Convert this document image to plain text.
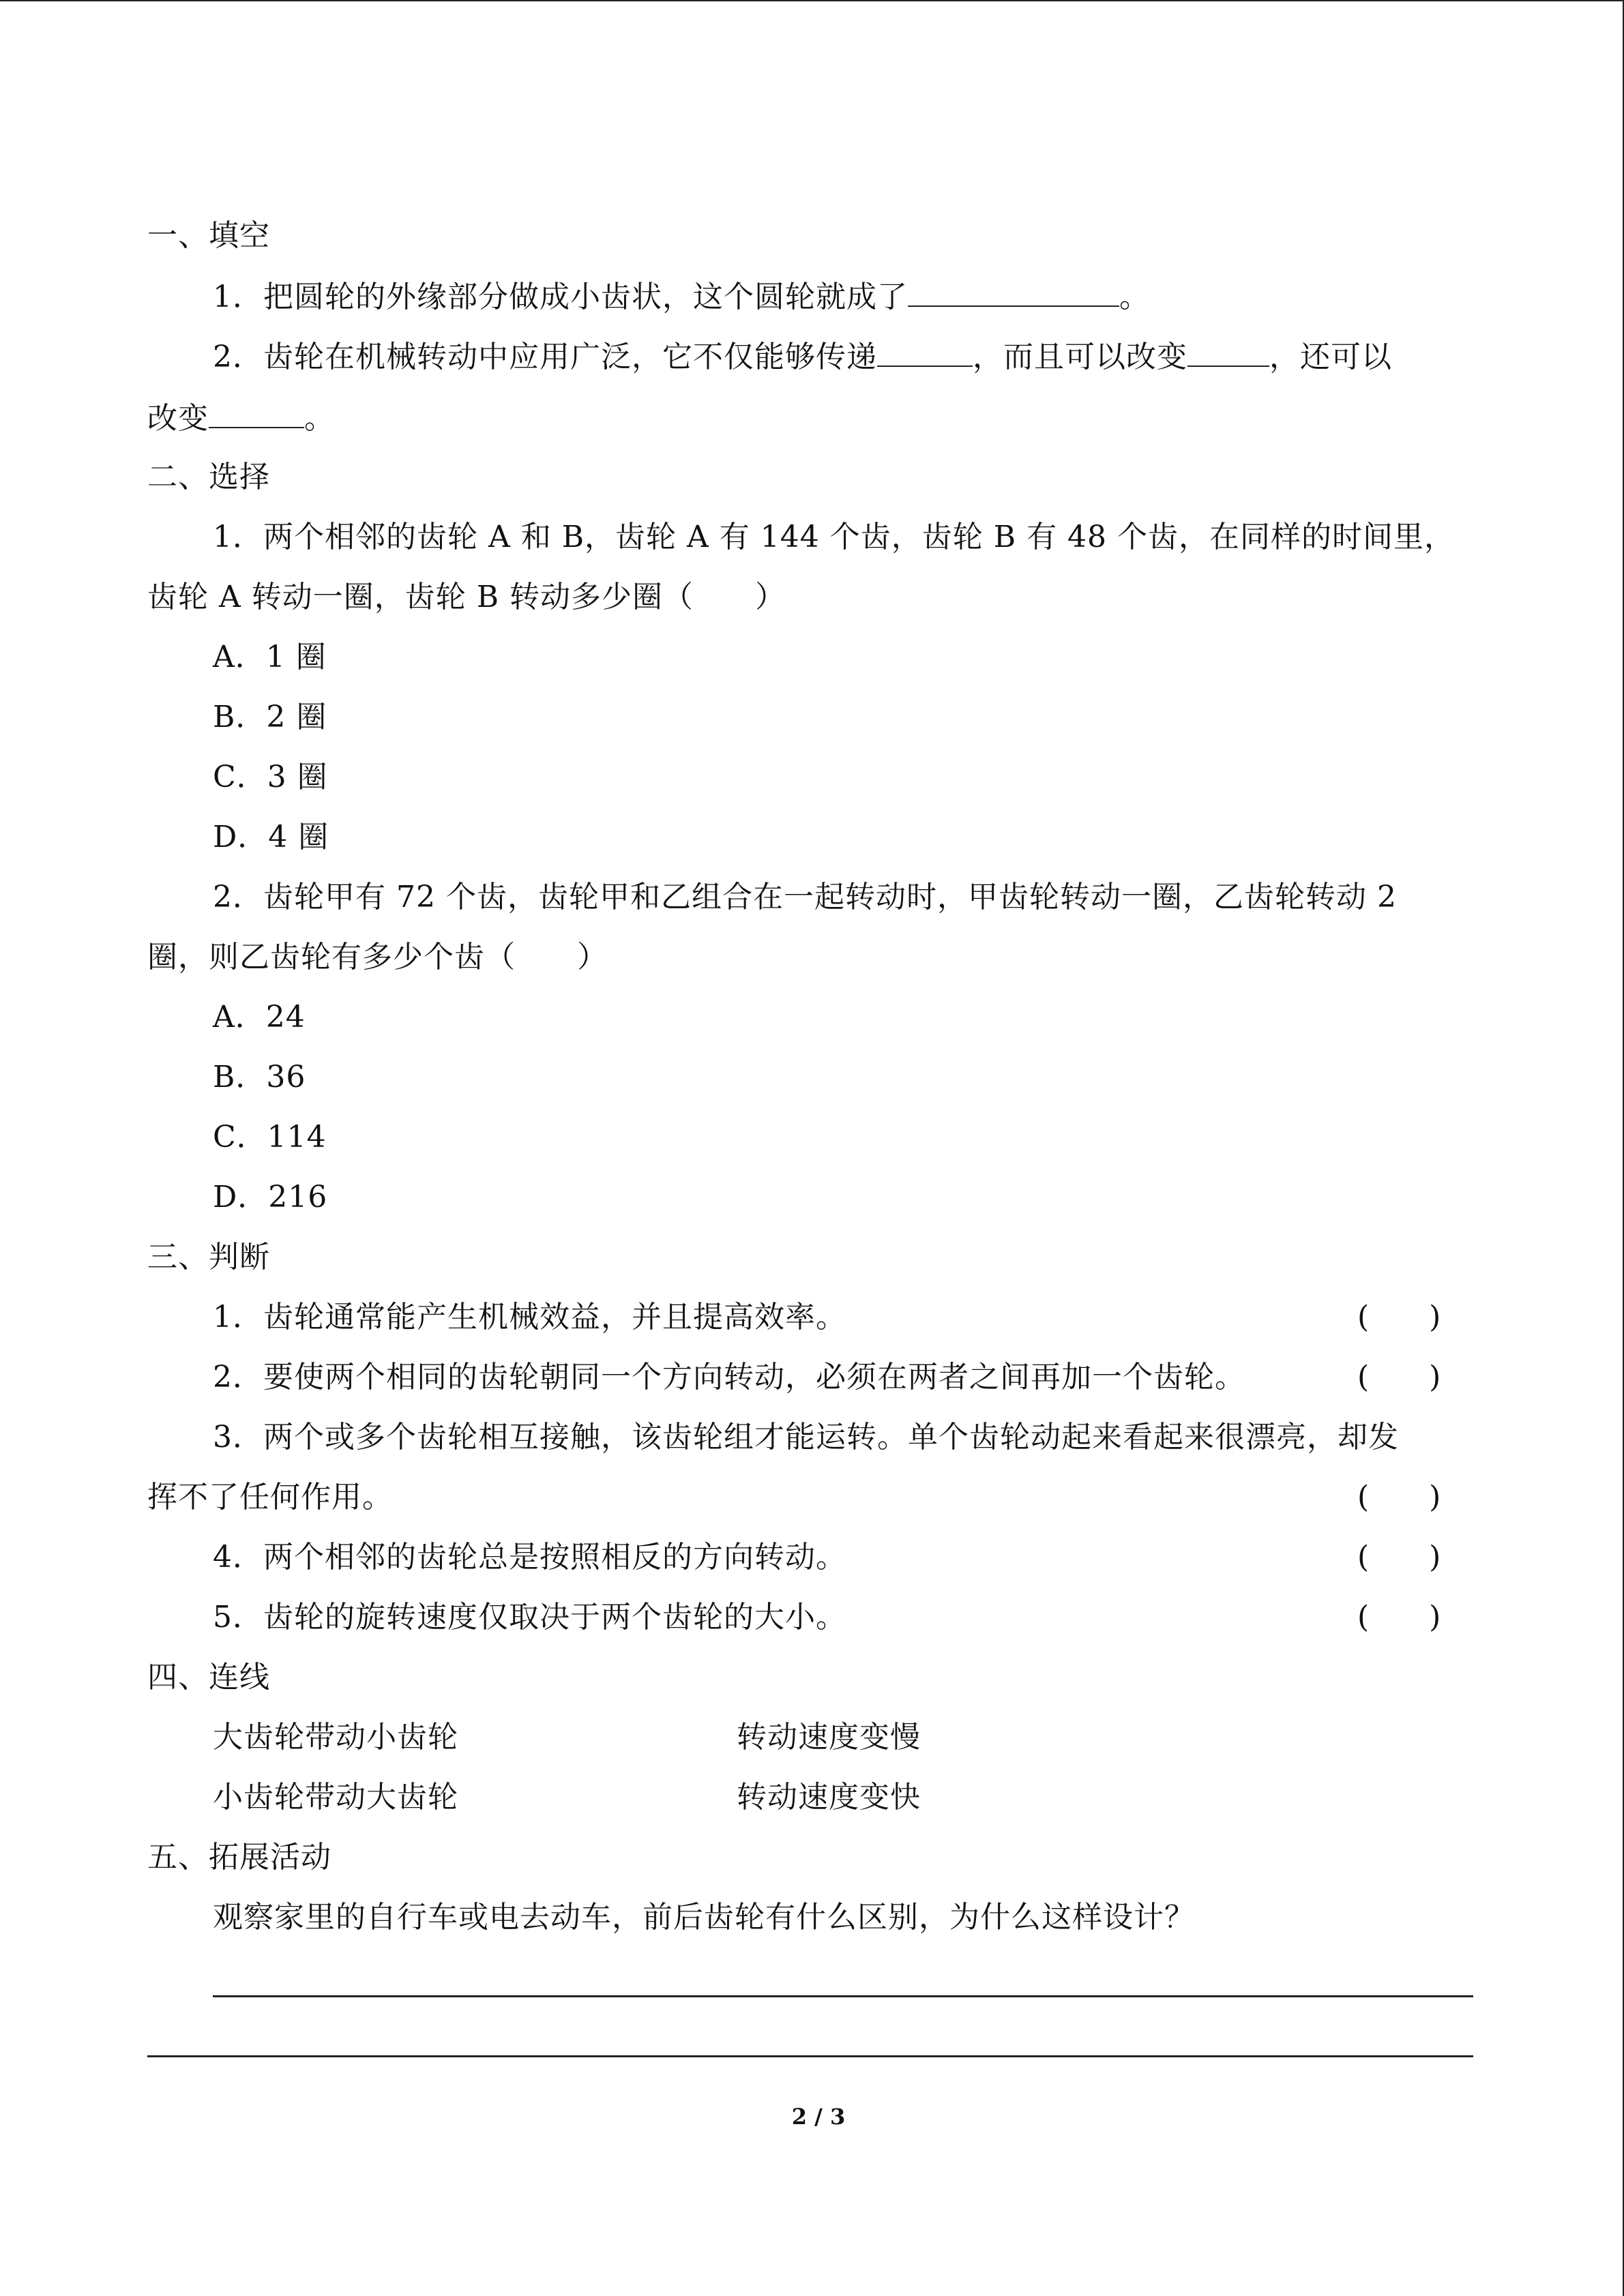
一、填空
1．把圆轮的外缘部分做成小齿状，这个圆轮就成了	。
2．齿轮在机械转动中应用广泛，它不仅能够传递	，而且可以改变	，还可以
改变	。
二、选择
1．两个相邻的齿轮 A 和 B，齿轮 A 有 144 个齿，齿轮 B 有 48 个齿，在同样的时间里，
齿轮 A 转动一圈，齿轮 B 转动多少圈（　　）
A．1 圈
B．2 圈
C．3 圈
D．4 圈
2．齿轮甲有 72 个齿，齿轮甲和乙组合在一起转动时，甲齿轮转动一圈，乙齿轮转动 2
圈，则乙齿轮有多少个齿（　　）
A．24
B．36
C．114
D．216
三、判断
1．齿轮通常能产生机械效益，并且提高效率。	(　　)
2．要使两个相同的齿轮朝同一个方向转动，必须在两者之间再加一个齿轮。	(　　)
3．两个或多个齿轮相互接触，该齿轮组才能运转。单个齿轮动起来看起来很漂亮，却发
挥不了任何作用。	(　　)
4．两个相邻的齿轮总是按照相反的方向转动。	(　　)
5．齿轮的旋转速度仅取决于两个齿轮的大小。	(　　)
四、连线
大齿轮带动小齿轮	转动速度变慢
小齿轮带动大齿轮	转动速度变快
五、拓展活动
观察家里的自行车或电去动车，前后齿轮有什么区别，为什么这样设计？
2 / 3
